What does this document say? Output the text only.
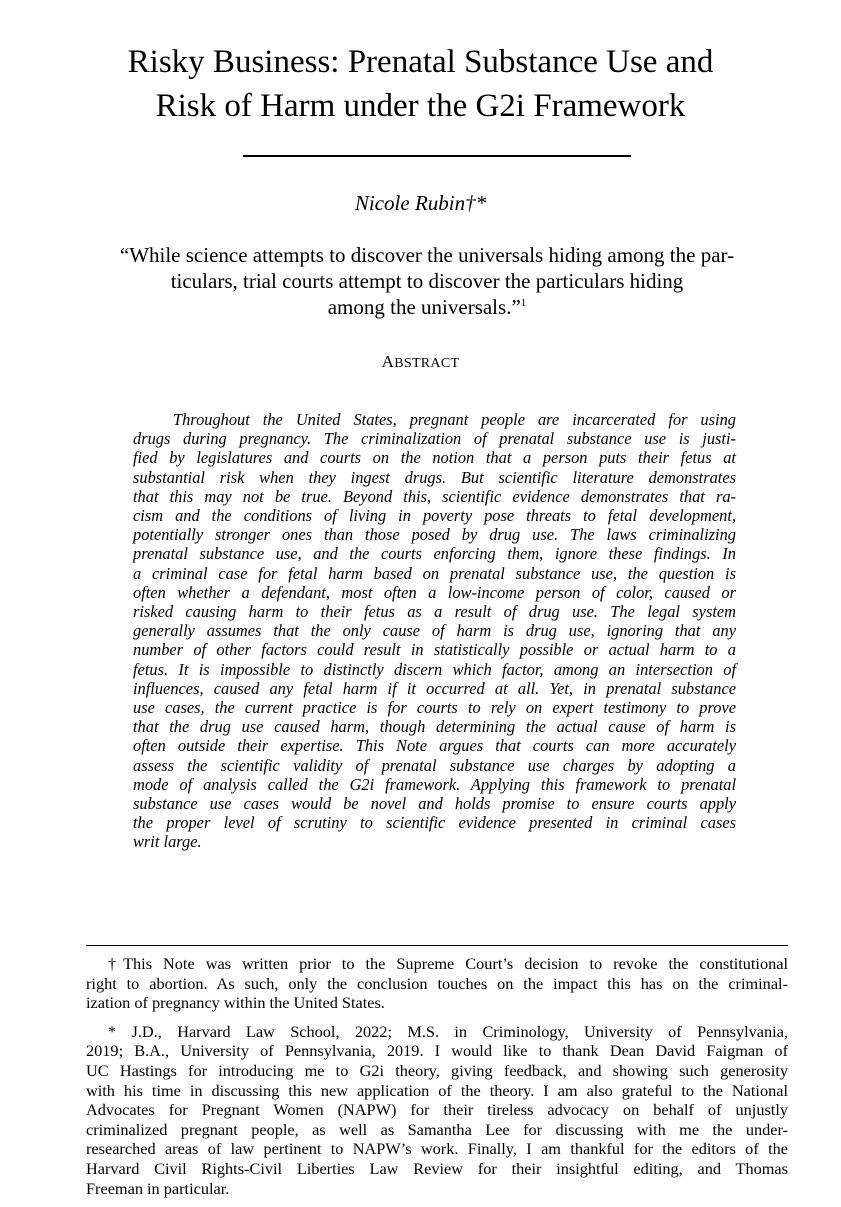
Risky Business: Prenatal Substance Use and
Risk of Harm under the G2i Framework
Nicole Rubin†*
“While science attempts to discover the universals hiding among the par-
ticulars, trial courts attempt to discover the particulars hiding
among the universals.”$^1$
ABSTRACT
Throughout the United States, pregnant people are incarcerated for using
drugs during pregnancy. The criminalization of prenatal substance use is justi-
fied by legislatures and courts on the notion that a person puts their fetus at
substantial risk when they ingest drugs. But scientific literature demonstrates
that this may not be true. Beyond this, scientific evidence demonstrates that ra-
cism and the conditions of living in poverty pose threats to fetal development,
potentially stronger ones than those posed by drug use. The laws criminalizing
prenatal substance use, and the courts enforcing them, ignore these findings. In
a criminal case for fetal harm based on prenatal substance use, the question is
often whether a defendant, most often a low-income person of color, caused or
risked causing harm to their fetus as a result of drug use. The legal system
generally assumes that the only cause of harm is drug use, ignoring that any
number of other factors could result in statistically possible or actual harm to a
fetus. It is impossible to distinctly discern which factor, among an intersection of
influences, caused any fetal harm if it occurred at all. Yet, in prenatal substance
use cases, the current practice is for courts to rely on expert testimony to prove
that the drug use caused harm, though determining the actual cause of harm is
often outside their expertise. This Note argues that courts can more accurately
assess the scientific validity of prenatal substance use charges by adopting a
mode of analysis called the G2i framework. Applying this framework to prenatal
substance use cases would be novel and holds promise to ensure courts apply
the proper level of scrutiny to scientific evidence presented in criminal cases
writ large.
†This Note was written prior to the Supreme Court’s decision to revoke the constitutional
right to abortion. As such, only the conclusion touches on the impact this has on the criminal-
ization of pregnancy within the United States.
* J.D., Harvard Law School, 2022; M.S. in Criminology, University of Pennsylvania,
2019; B.A., University of Pennsylvania, 2019. I would like to thank Dean David Faigman of
UC Hastings for introducing me to G2i theory, giving feedback, and showing such generosity
with his time in discussing this new application of the theory. I am also grateful to the National
Advocates for Pregnant Women (NAPW) for their tireless advocacy on behalf of unjustly
criminalized pregnant people, as well as Samantha Lee for discussing with me the under-
researched areas of law pertinent to NAPW’s work. Finally, I am thankful for the editors of the
Harvard Civil Rights-Civil Liberties Law Review for their insightful editing, and Thomas
Freeman in particular.
